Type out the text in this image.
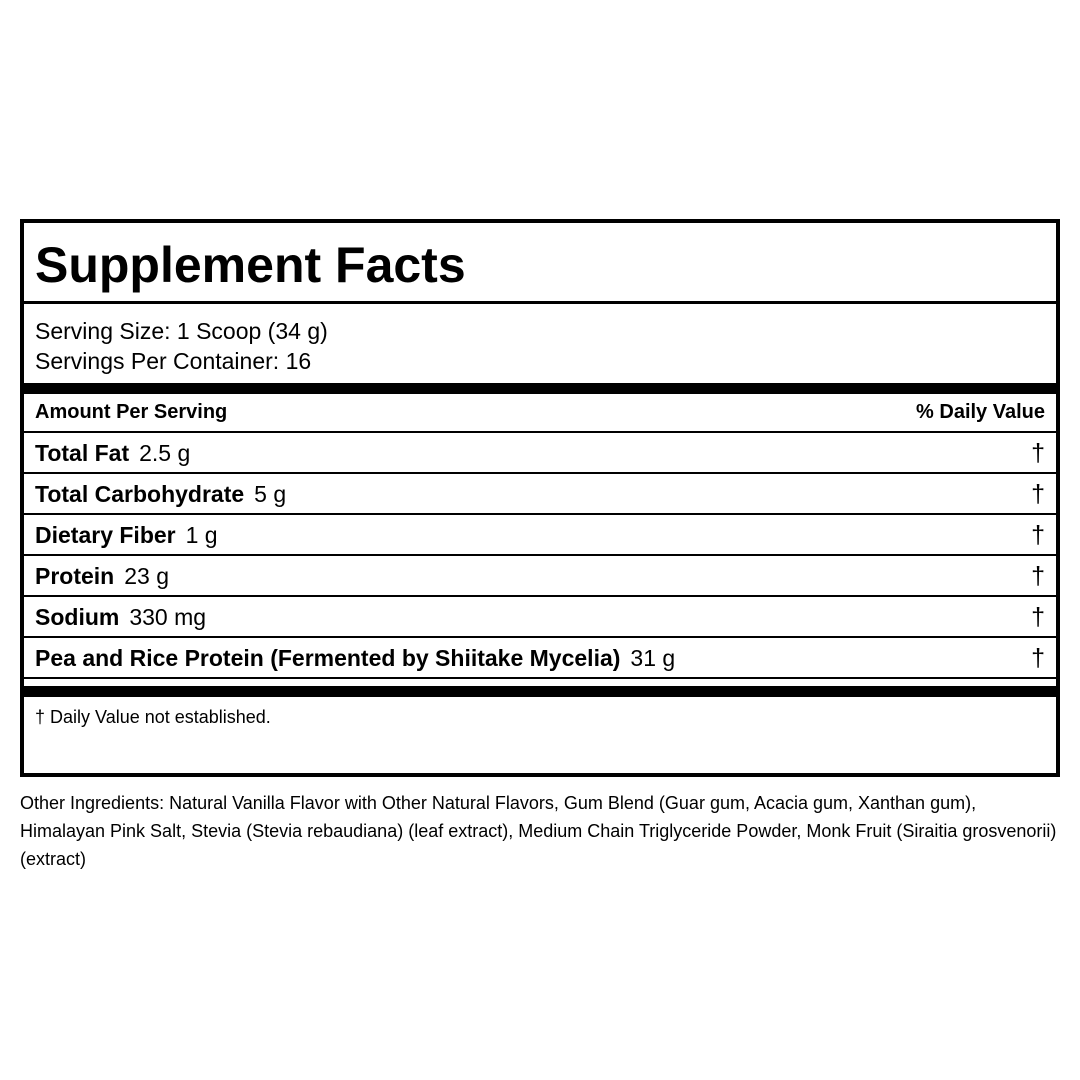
Supplement Facts
Serving Size: 1 Scoop (34 g)
Servings Per Container: 16
Amount Per Serving	% Daily Value
Total Fat 2.5 g	†
Total Carbohydrate 5 g	†
Dietary Fiber 1 g	†
Protein 23 g	†
Sodium 330 mg	†
Pea and Rice Protein (Fermented by Shiitake Mycelia) 31 g	†
† Daily Value not established.
Other Ingredients: Natural Vanilla Flavor with Other Natural Flavors, Gum Blend (Guar gum, Acacia gum, Xanthan gum), Himalayan Pink Salt, Stevia (Stevia rebaudiana) (leaf extract), Medium Chain Triglyceride Powder, Monk Fruit (Siraitia grosvenorii) (extract)
